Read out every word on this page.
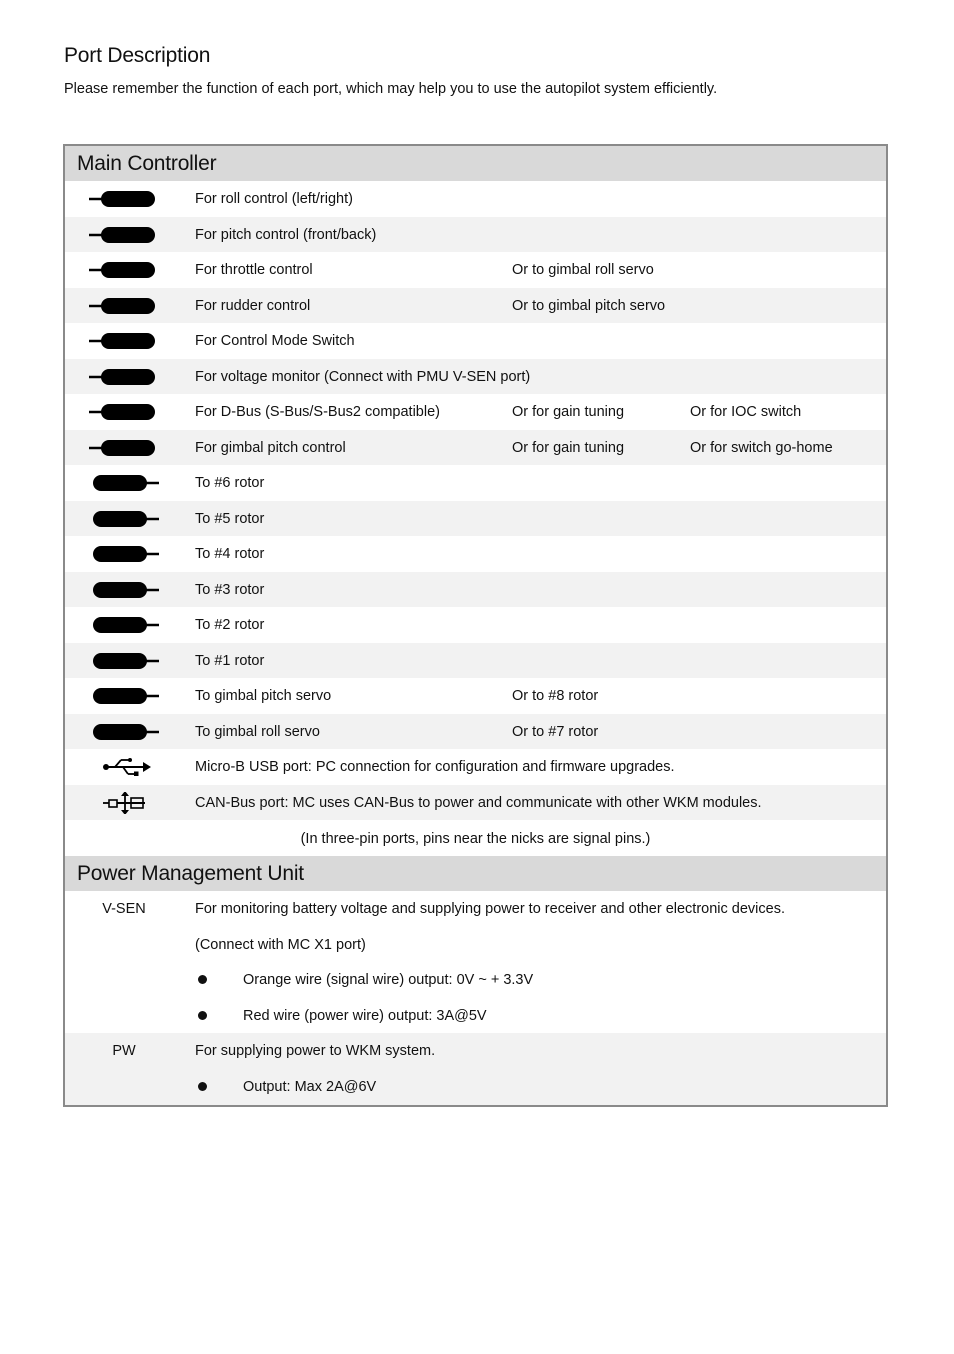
Port Description
Please remember the function of each port, which may help you to use the autopilot system efficiently.
Main Controller
For roll control (left/right)
For pitch control (front/back)
For throttle control	Or to gimbal roll servo
For rudder control	Or to gimbal pitch servo
For Control Mode Switch
For voltage monitor (Connect with PMU V-SEN port)
For D-Bus (S-Bus/S-Bus2 compatible)	Or for gain tuning	Or for IOC switch
For gimbal pitch control	Or for gain tuning	Or for switch go-home
To #6 rotor
To #5 rotor
To #4 rotor
To #3 rotor
To #2 rotor
To #1 rotor
To gimbal pitch servo	Or to #8 rotor
To gimbal roll servo	Or to #7 rotor
Micro-B USB port: PC connection for configuration and firmware upgrades.
CAN-Bus port: MC uses CAN-Bus to power and communicate with other WKM modules.
(In three-pin ports, pins near the nicks are signal pins.)
Power Management Unit
V-SEN	For monitoring battery voltage and supplying power to receiver and other electronic devices.
(Connect with MC X1 port)
Orange wire (signal wire) output: 0V ~ + 3.3V
Red wire (power wire) output: 3A@5V
PW	For supplying power to WKM system.
Output: Max 2A@6V
